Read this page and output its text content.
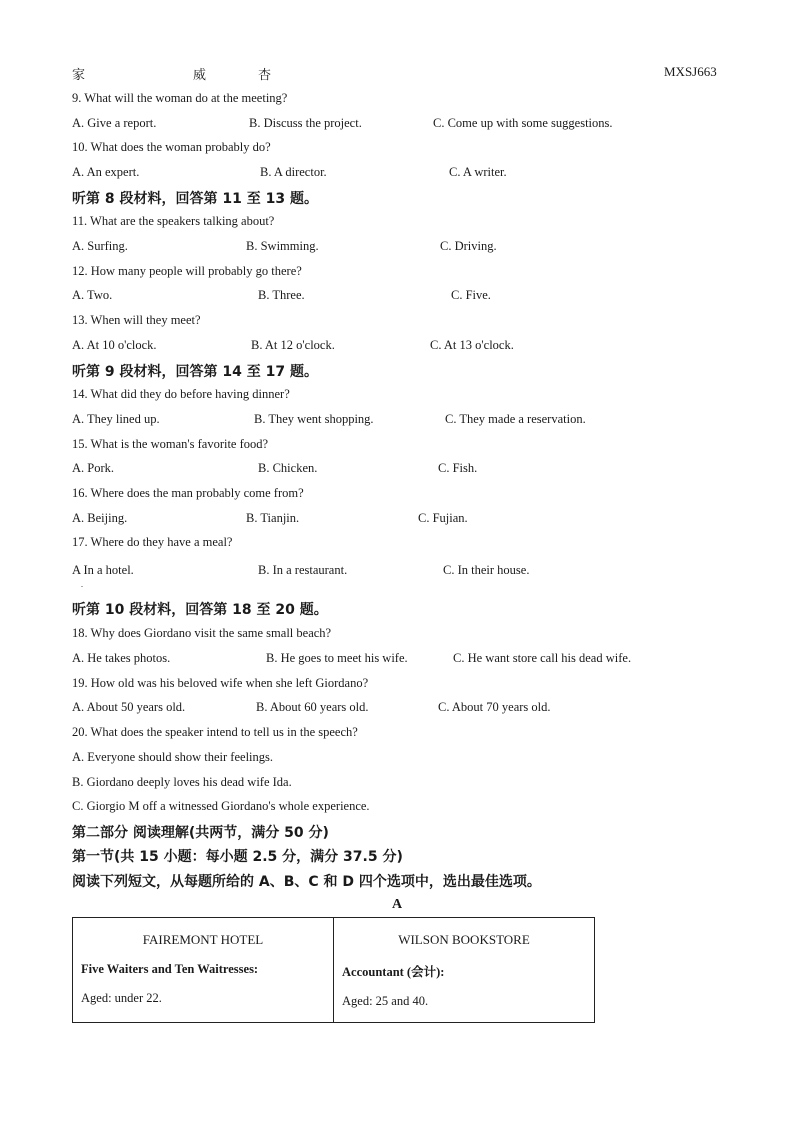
家	威	杏	MXSJ663
9. What will the woman do at the meeting?
A. Give a report.	B. Discuss the project.	C. Come up with some suggestions.
10. What does the woman probably do?
A. An expert.	B. A director.	C. A writer.
听第 8 段材料，回答第 11 至 13 题。
11. What are the speakers talking about?
A. Surfing.	B. Swimming.	C. Driving.
12. How many people will probably go there?
A. Two.	B. Three.	C. Five.
13. When will they meet?
A. At 10 o'clock.	B. At 12 o'clock.	C. At 13 o'clock.
听第 9 段材料，回答第 14 至 17 题。
14. What did they do before having dinner?
A. They lined up.	B. They went shopping.	C. They made a reservation.
15. What is the woman's favorite food?
A. Pork.	B. Chicken.	C. Fish.
16. Where does the man probably come from?
A. Beijing.	B. Tianjin.	C. Fujian.
17. Where do they have a meal?
A In a hotel.	B. In a restaurant.	C. In their house.
.
听第 10 段材料，回答第 18 至 20 题。
18. Why does Giordano visit the same small beach?
A. He takes photos.	B. He goes to meet his wife.	C. He want store call his dead wife.
19. How old was his beloved wife when she left Giordano?
A. About 50 years old.	B. About 60 years old.	C. About 70 years old.
20. What does the speaker intend to tell us in the speech?
A. Everyone should show their feelings.
B. Giordano deeply loves his dead wife Ida.
C. Giorgio M off a witnessed Giordano's whole experience.
第二部分 阅读理解(共两节，满分 50 分)
第一节(共 15 小题：每小题 2.5 分，满分 37.5 分)
阅读下列短文，从每题所给的 A、B、C 和 D 四个选项中，选出最佳选项。
A
FAIREMONT HOTEL
Five Waiters and Ten Waitresses:
Aged: under 22.

WILSON BOOKSTORE
Accountant (会计):
Aged: 25 and 40.
